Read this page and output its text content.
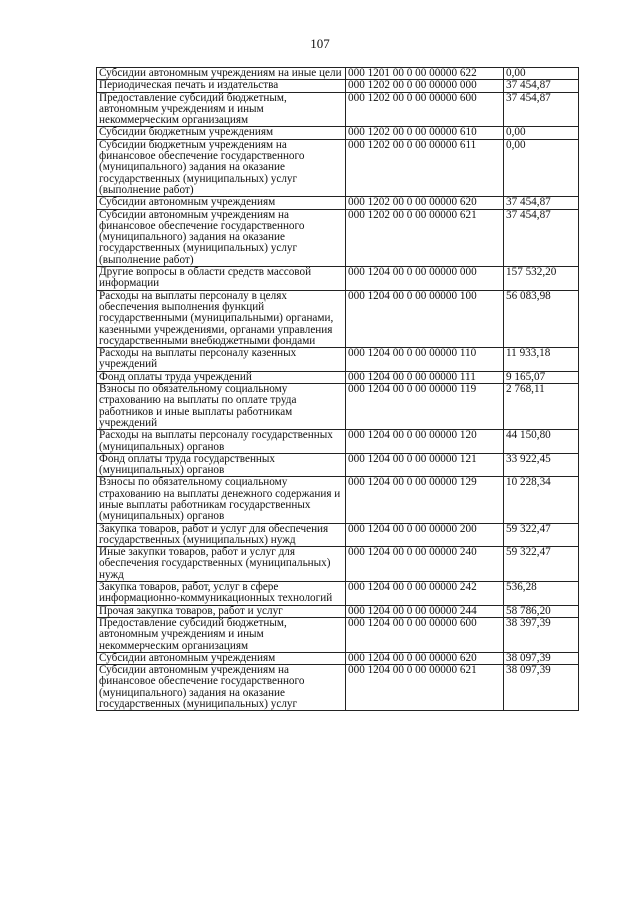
107
Субсидии автономным учреждениям на иные цели	000 1201 00 0 00 00000 622	0,00
Периодическая печать и издательства	000 1202 00 0 00 00000 000	37 454,87
Предоставление субсидий бюджетным, автономным учреждениям и иным некоммерческим организациям	000 1202 00 0 00 00000 600	37 454,87
Субсидии бюджетным учреждениям	000 1202 00 0 00 00000 610	0,00
Субсидии бюджетным учреждениям на финансовое обеспечение государственного (муниципального) задания на оказание государственных (муниципальных) услуг (выполнение работ)	000 1202 00 0 00 00000 611	0,00
Субсидии автономным учреждениям	000 1202 00 0 00 00000 620	37 454,87
Субсидии автономным учреждениям на финансовое обеспечение государственного (муниципального) задания на оказание государственных (муниципальных) услуг (выполнение работ)	000 1202 00 0 00 00000 621	37 454,87
Другие вопросы в области средств массовой информации	000 1204 00 0 00 00000 000	157 532,20
Расходы на выплаты персоналу в целях обеспечения выполнения функций государственными (муниципальными) органами, казенными учреждениями, органами управления государственными внебюджетными фондами	000 1204 00 0 00 00000 100	56 083,98
Расходы на выплаты персоналу казенных учреждений	000 1204 00 0 00 00000 110	11 933,18
Фонд оплаты труда учреждений	000 1204 00 0 00 00000 111	9 165,07
Взносы по обязательному социальному страхованию на выплаты по оплате труда работников и иные выплаты работникам учреждений	000 1204 00 0 00 00000 119	2 768,11
Расходы на выплаты персоналу государственных (муниципальных) органов	000 1204 00 0 00 00000 120	44 150,80
Фонд оплаты труда государственных (муниципальных) органов	000 1204 00 0 00 00000 121	33 922,45
Взносы по обязательному социальному страхованию на выплаты денежного содержания и иные выплаты работникам государственных (муниципальных) органов	000 1204 00 0 00 00000 129	10 228,34
Закупка товаров, работ и услуг для обеспечения государственных (муниципальных) нужд	000 1204 00 0 00 00000 200	59 322,47
Иные закупки товаров, работ и услуг для обеспечения государственных (муниципальных) нужд	000 1204 00 0 00 00000 240	59 322,47
Закупка товаров, работ, услуг в сфере информационно-коммуникационных технологий	000 1204 00 0 00 00000 242	536,28
Прочая закупка товаров, работ и услуг	000 1204 00 0 00 00000 244	58 786,20
Предоставление субсидий бюджетным, автономным учреждениям и иным некоммерческим организациям	000 1204 00 0 00 00000 600	38 397,39
Субсидии автономным учреждениям	000 1204 00 0 00 00000 620	38 097,39
Субсидии автономным учреждениям на финансовое обеспечение государственного (муниципального) задания на оказание государственных (муниципальных) услуг	000 1204 00 0 00 00000 621	38 097,39
